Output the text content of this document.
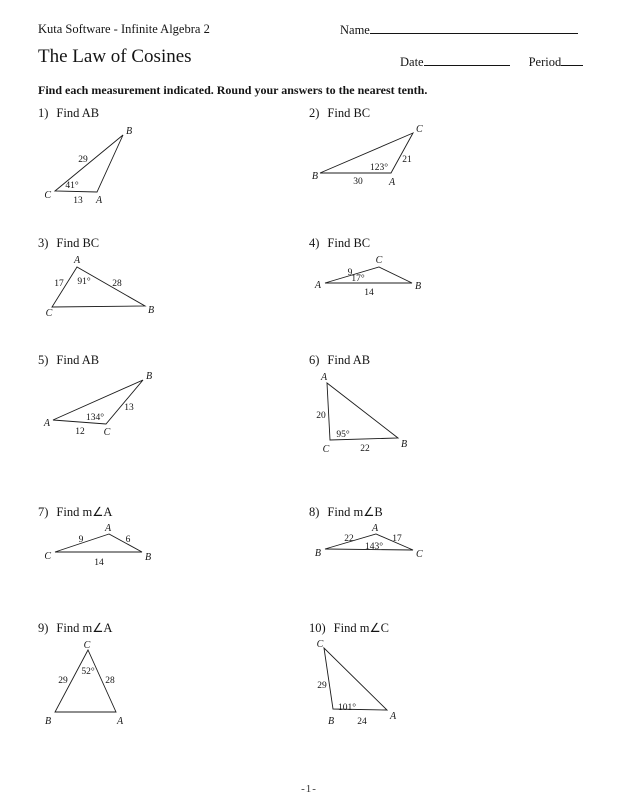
Kuta Software - Infinite Algebra 2	Name
The Law of Cosines	Date	Period
Find each measurement indicated. Round your answers to the nearest tenth.
1) Find AB	2) Find BC
3) Find BC	4) Find BC
5) Find AB	6) Find AB
7) Find m∠A	8) Find m∠B
9) Find m∠A	10) Find m∠C
B
C	A
29
41°
13
C
B
A
21
123°
30
A
C	B
17 91° 28
C
A	B
9
17°
14
B
A
C
13
134°
12
A
C	B
20
95°
22
A
C	B
9	6
14
A
B	C
22	17
143°
C
B	A
29
52°
28
C
B	A
29
101°
24
-1-
